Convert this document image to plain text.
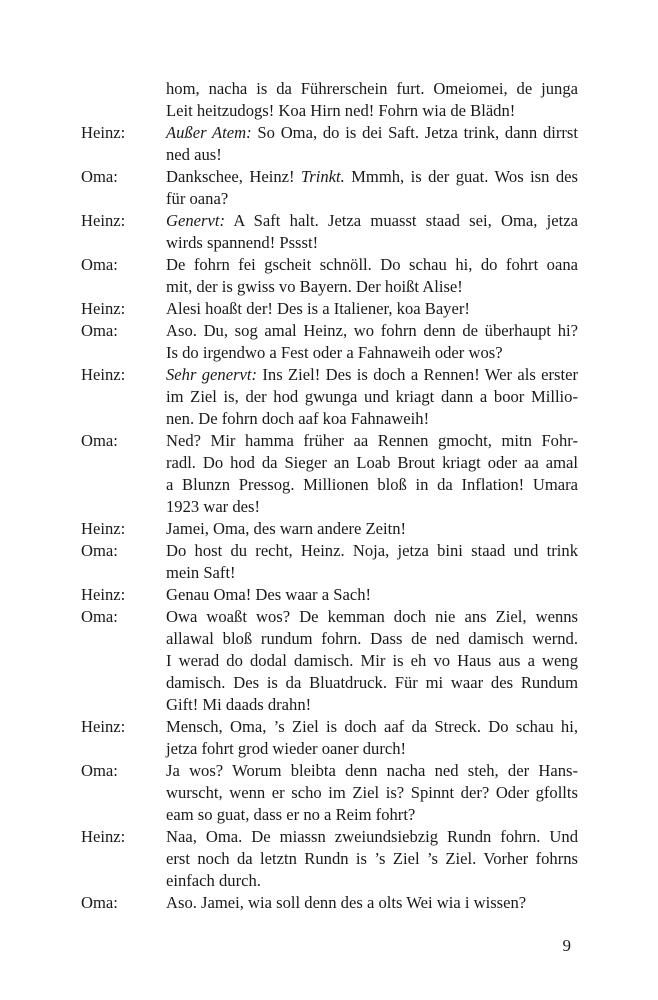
hom, nacha is da Führerschein furt. Omeiomei, de junga
Leit heitzudogs! Koa Hirn ned! Fohrn wia de Blädn!
Heinz: Außer Atem: So Oma, do is dei Saft. Jetza trink, dann dirrst
ned aus!
Oma:	Dankschee, Heinz! Trinkt. Mmmh, is der guat. Wos isn des
für oana?
Heinz: Genervt: A Saft halt. Jetza muasst staad sei, Oma, jetza
wirds spannend! Pssst!
Oma:	De fohrn fei gscheit schnöll. Do schau hi, do fohrt oana
mit, der is gwiss vo Bayern. Der hoißt Alise!
Heinz: Alesi hoaßt der! Des is a Italiener, koa Bayer!
Oma:	Aso. Du, sog amal Heinz, wo fohrn denn de überhaupt hi?
Is do irgendwo a Fest oder a Fahnaweih oder wos?
Heinz: Sehr genervt: Ins Ziel! Des is doch a Rennen! Wer als erster
im Ziel is, der hod gwunga und kriagt dann a boor Millio-
nen. De fohrn doch aaf koa Fahnaweih!
Oma:	Ned? Mir hamma früher aa Rennen gmocht, mitn Fohr-
radl. Do hod da Sieger an Loab Brout kriagt oder aa amal
a Blunzn Pressog. Millionen bloß in da Inflation! Umara
1923 war des!
Heinz: Jamei, Oma, des warn andere Zeitn!
Oma:	Do host du recht, Heinz. Noja, jetza bini staad und trink
mein Saft!
Heinz: Genau Oma! Des waar a Sach!
Oma:	Owa woaßt wos? De kemman doch nie ans Ziel, wenns
allawal bloß rundum fohrn. Dass de ned damisch wernd.
I werad do dodal damisch. Mir is eh vo Haus aus a weng
damisch. Des is da Bluatdruck. Für mi waar des Rundum
Gift! Mi daads drahn!
Heinz: Mensch, Oma, ’s Ziel is doch aaf da Streck. Do schau hi,
jetza fohrt grod wieder oaner durch!
Oma:	Ja wos? Worum bleibta denn nacha ned steh, der Hans-
wurscht, wenn er scho im Ziel is? Spinnt der? Oder gfollts
eam so guat, dass er no a Reim fohrt?
Heinz: Naa, Oma. De miassn zweiundsiebzig Rundn fohrn. Und
erst noch da letztn Rundn is ’s Ziel ’s Ziel. Vorher fohrns
einfach durch.
Oma:	Aso. Jamei, wia soll denn des a olts Wei wia i wissen?
9
